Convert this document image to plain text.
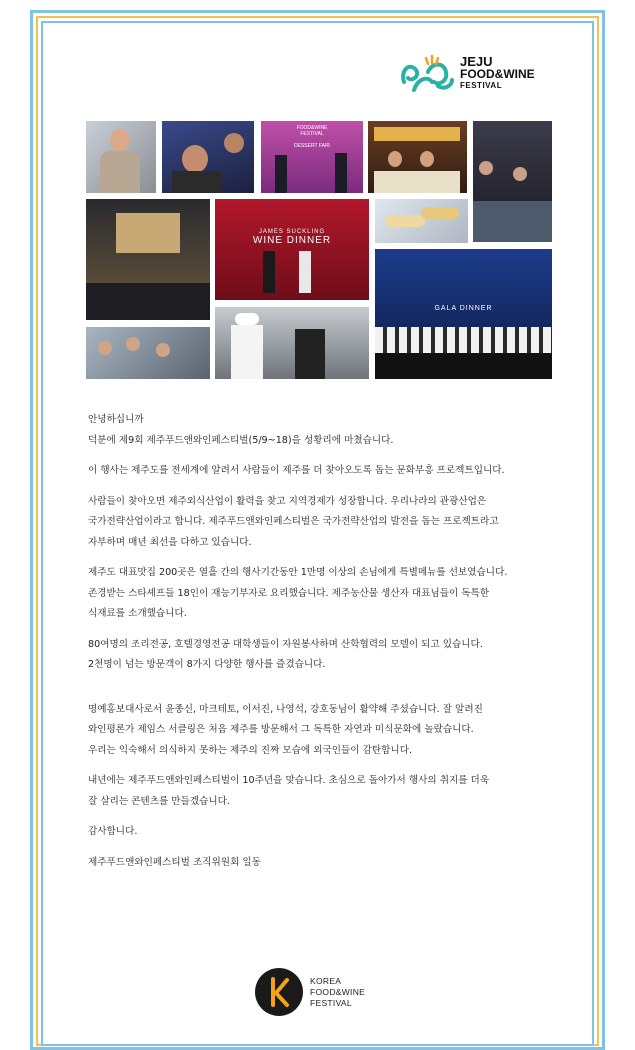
JEJU
FOOD&WINE
FESTIVAL
FOOD&WINE
FESTIVAL
DESSERT FAIR
JAMES SUCKLING
WINE DINNER
GALA DINNER

안녕하십니까

덕분에 제9회 제주푸드앤와인페스티벌(5/9~18)을 성황리에 마쳤습니다.

이 행사는 제주도를 전세계에 알려서 사람들이 제주를 더 찾아오도록 돕는 문화부흥 프로젝트입니다.

사람들이 찾아오면 제주외식산업이 활력을 찾고 지역경제가 성장합니다. 우리나라의 관광산업은

국가전략산업이라고 합니다. 제주푸드앤와인페스티벌은 국가전략산업의 발전을 돕는 프로젝트라고

자부하며 매년 최선을 다하고 있습니다.

제주도 대표맛집 200곳은 열흘 간의 행사기간동안 1만명 이상의 손님에게 특별메뉴를 선보였습니다.

존경받는 스타셰프들 18인이 재능기부자로 요리했습니다. 제주농산물 생산자 대표님들이 독특한

식재료를 소개했습니다.

80여명의 조리전공, 호텔경영전공 대학생들이 자원봉사하며 산학협력의 모델이 되고 있습니다.

2천명이 넘는 방문객이 8가지 다양한 행사를 즐겼습니다.

명예홍보대사로서 윤종신, 마크테토, 이서진, 나영석, 강호동님이 활약해 주셨습니다. 잘 알려진

와인평론가 제임스 서클링은 처음 제주를 방문해서 그 독특한 자연과 미식문화에 놀랐습니다.

우리는 익숙해서 의식하지 못하는 제주의 진짜 모습에 외국인들이 감탄합니다.

내년에는 제주푸드앤와인페스티벌이 10주년을 맞습니다. 초심으로 돌아가서 행사의 취지를 더욱

잘 살리는 콘텐츠를 만들겠습니다.

감사합니다.

제주푸드앤와인페스티벌 조직위원회 일동

KOREA
FOOD&WINE
FESTIVAL
